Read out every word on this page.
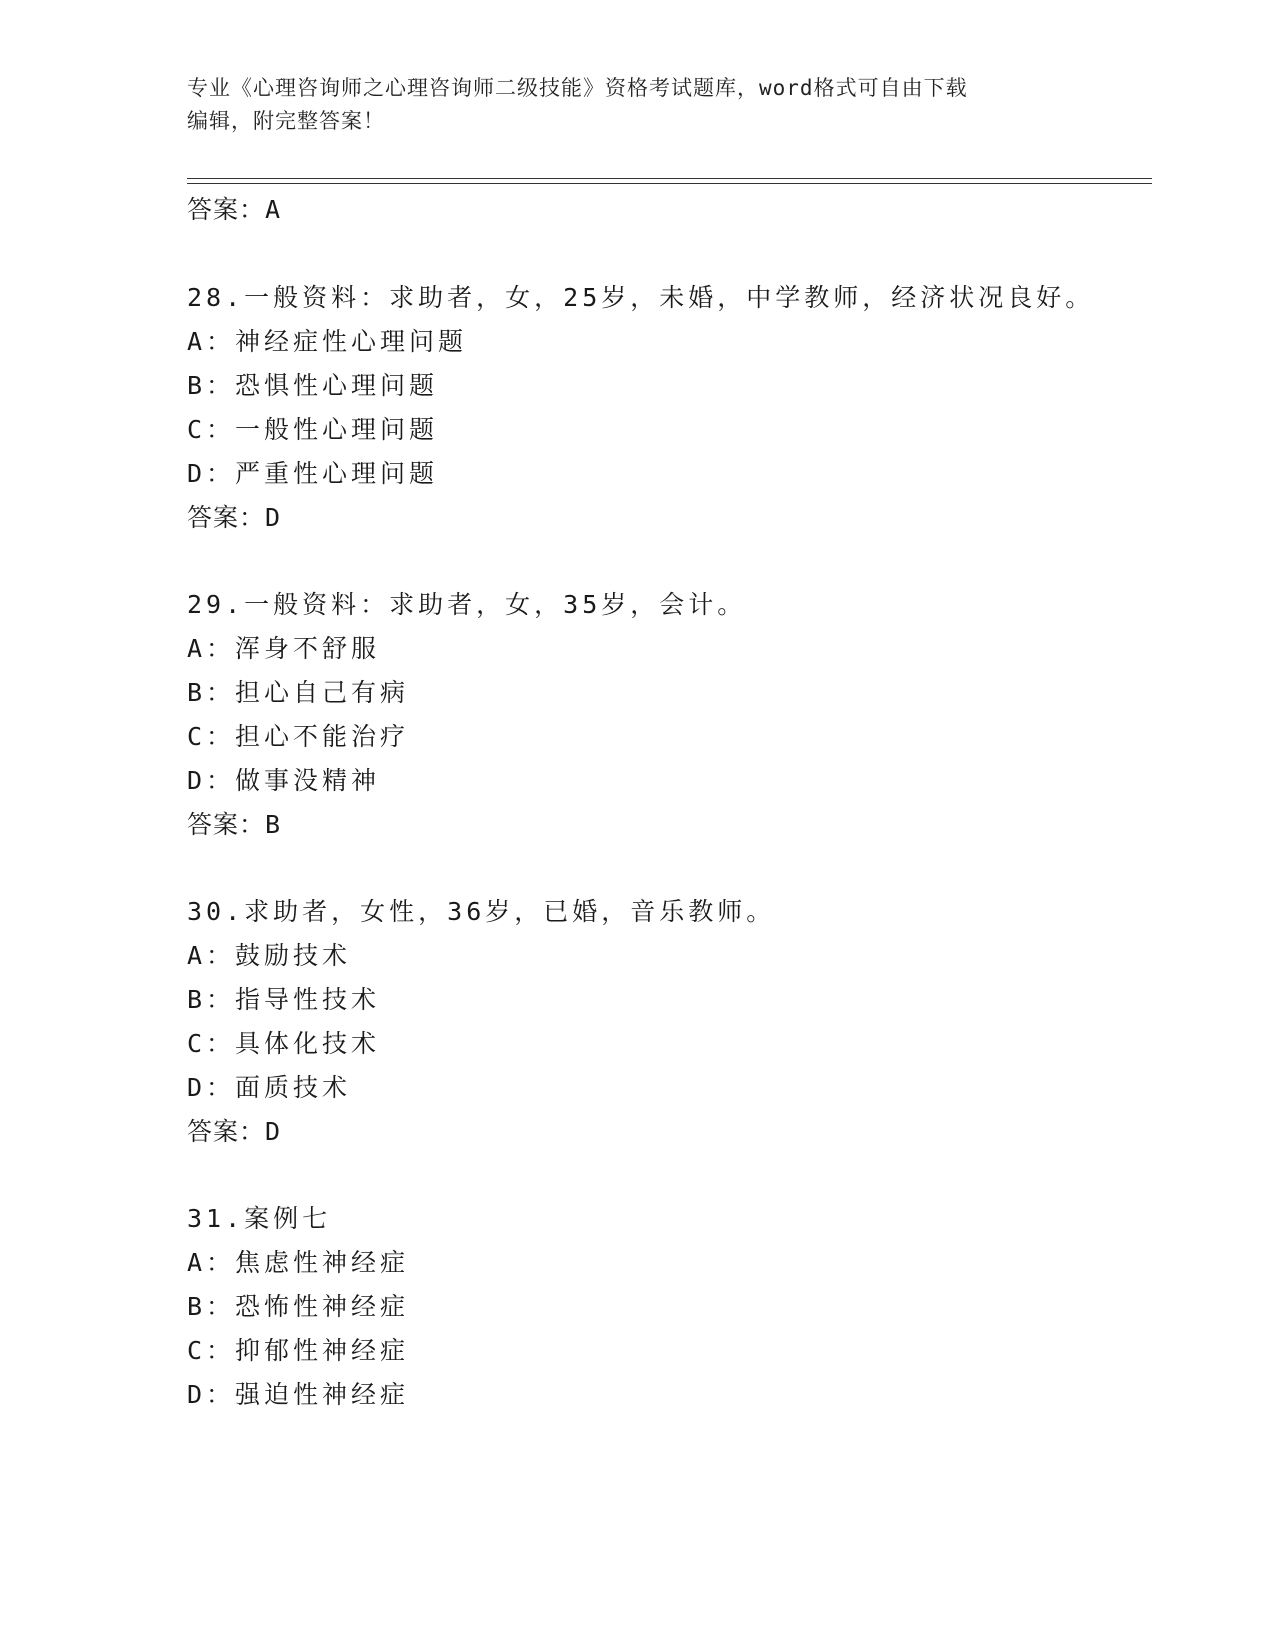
专业《心理咨询师之心理咨询师二级技能》资格考试题库，word格式可自由下载
编辑，附完整答案！
答案：A
28.一般资料：求助者，女，25岁，未婚，中学教师，经济状况良好。
A：神经症性心理问题
B：恐惧性心理问题
C：一般性心理问题
D：严重性心理问题
答案：D
29.一般资料：求助者，女，35岁，会计。
A：浑身不舒服
B：担心自己有病
C：担心不能治疗
D：做事没精神
答案：B
30.求助者，女性，36岁，已婚，音乐教师。
A：鼓励技术
B：指导性技术
C：具体化技术
D：面质技术
答案：D
31.案例七
A：焦虑性神经症
B：恐怖性神经症
C：抑郁性神经症
D：强迫性神经症
